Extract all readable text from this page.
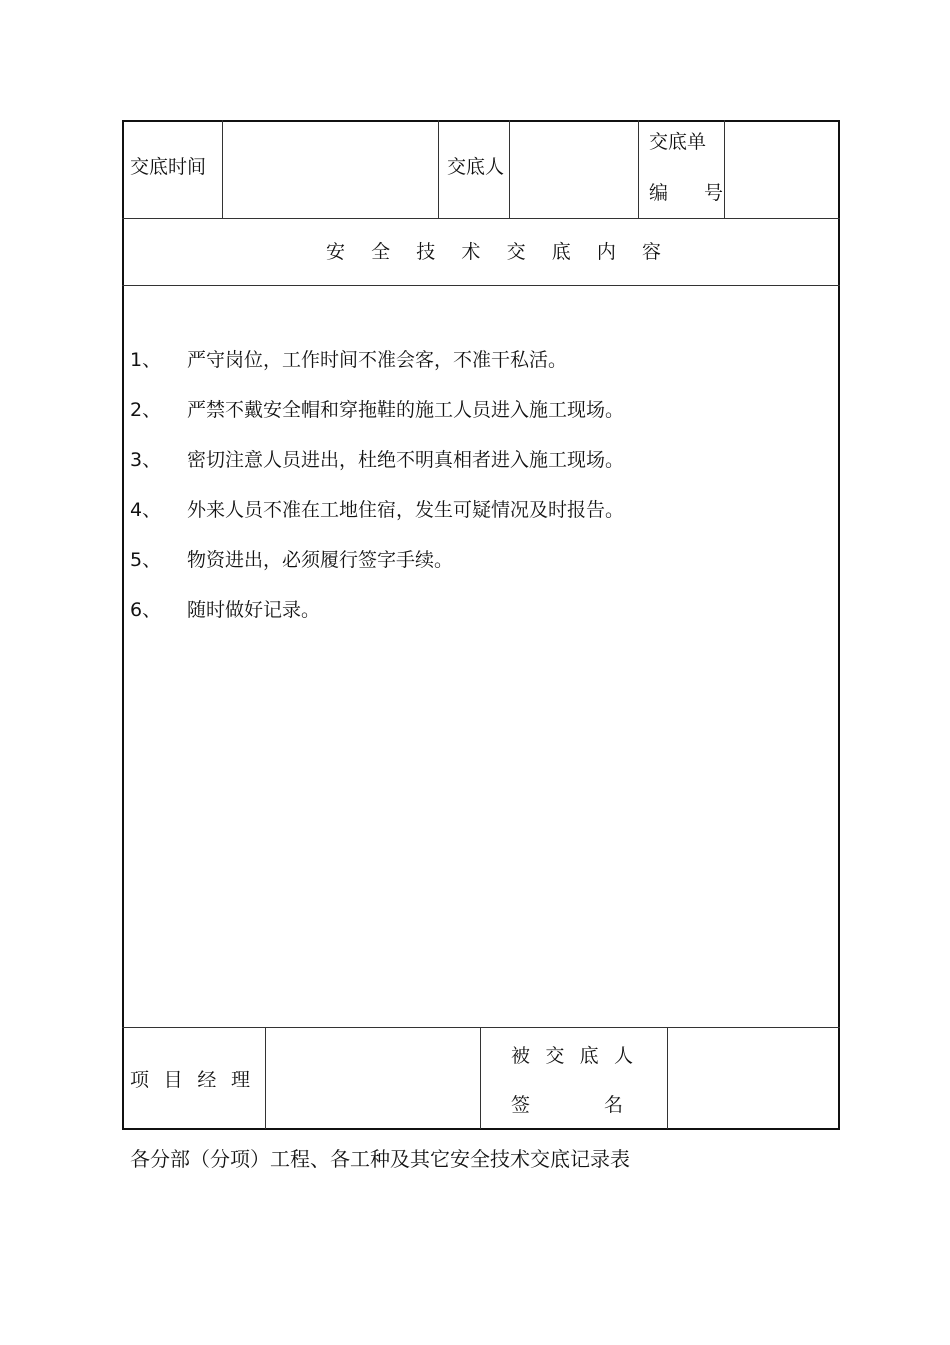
交底时间	交底人
交底单
编 号
安 全 技 术 交 底 内 容
1、 严守岗位，工作时间不准会客，不准干私活。
2、 严禁不戴安全帽和穿拖鞋的施工人员进入施工现场。
3、 密切注意人员进出，杜绝不明真相者进入施工现场。
4、 外来人员不准在工地住宿，发生可疑情况及时报告。
5、 物资进出，必须履行签字手续。
6、 随时做好记录。
项 目 经 理
被 交 底 人
签 名
各分部（分项）工程、各工种及其它安全技术交底记录表
